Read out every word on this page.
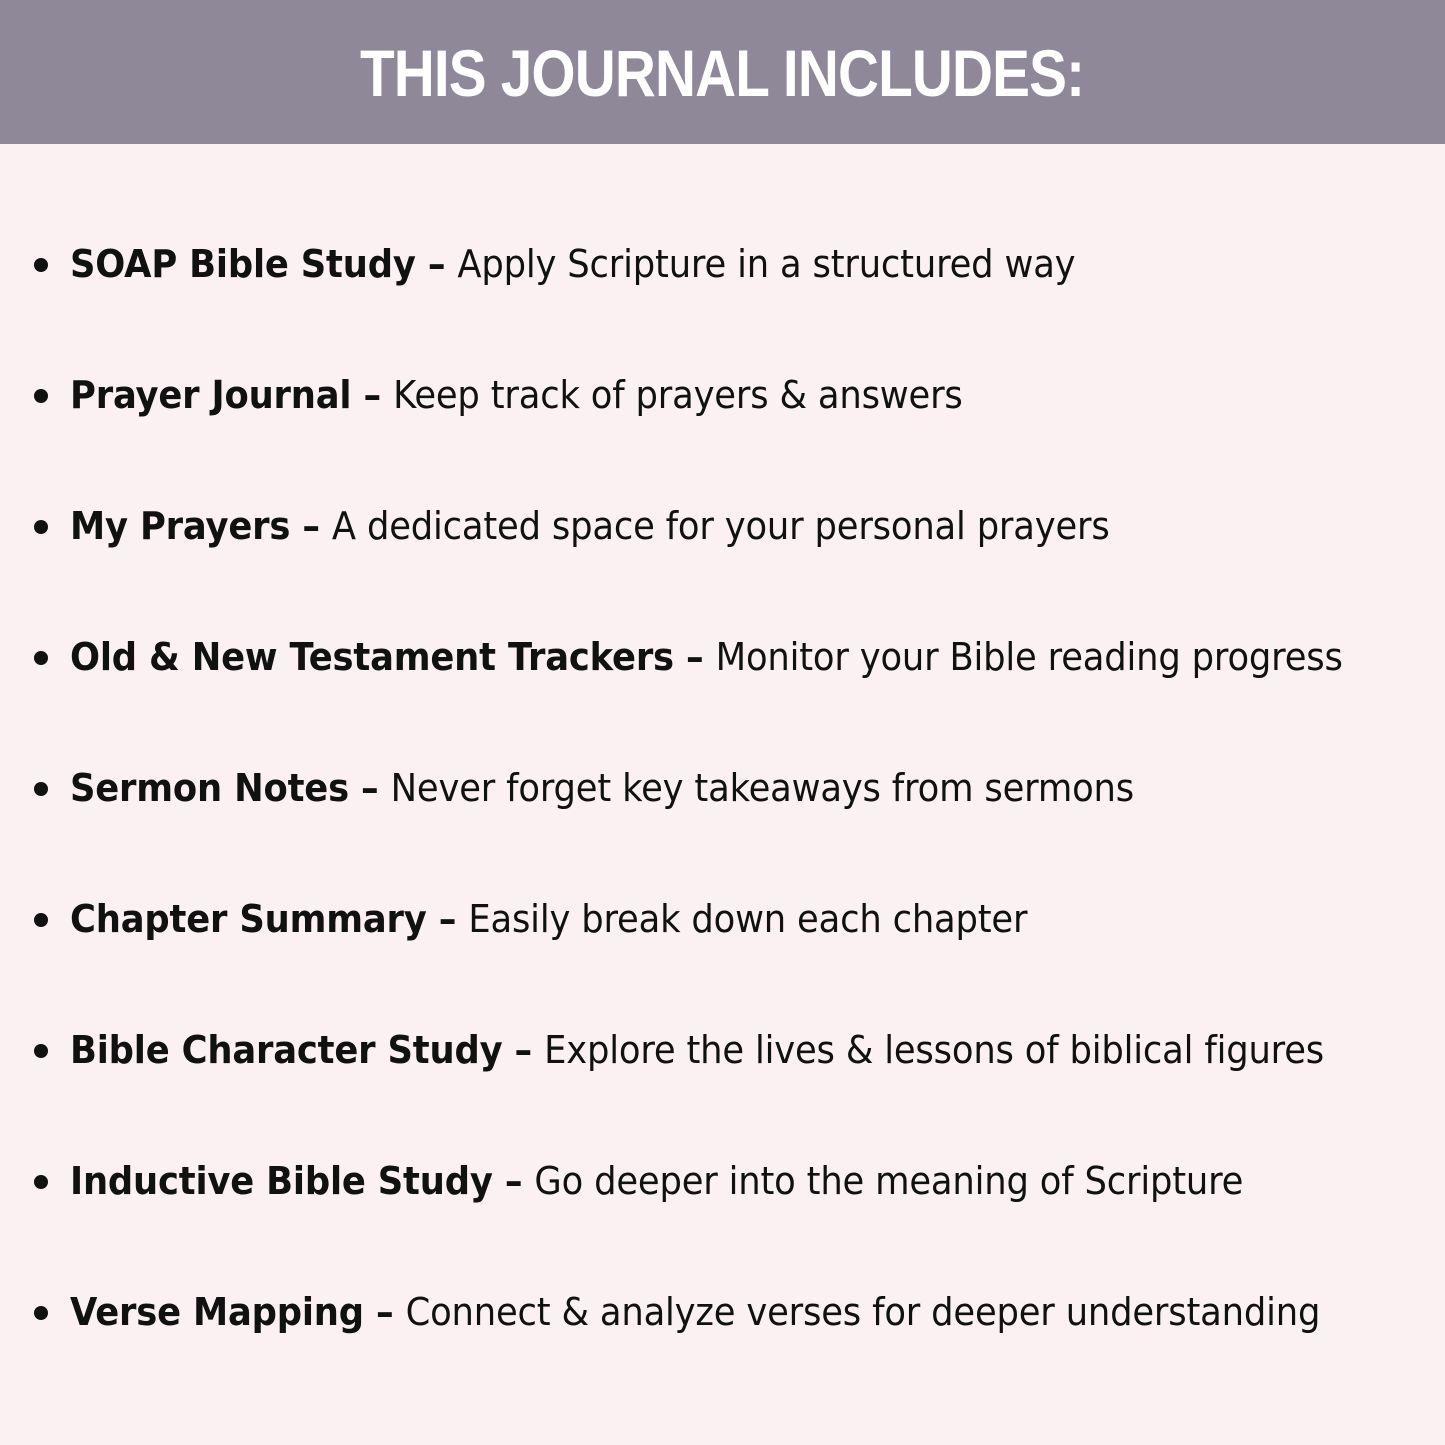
THIS JOURNAL INCLUDES:
SOAP Bible Study – Apply Scripture in a structured way
Prayer Journal – Keep track of prayers & answers
My Prayers – A dedicated space for your personal prayers
Old & New Testament Trackers – Monitor your Bible reading progress
Sermon Notes – Never forget key takeaways from sermons
Chapter Summary – Easily break down each chapter
Bible Character Study – Explore the lives & lessons of biblical figures
Inductive Bible Study – Go deeper into the meaning of Scripture
Verse Mapping – Connect & analyze verses for deeper understanding
